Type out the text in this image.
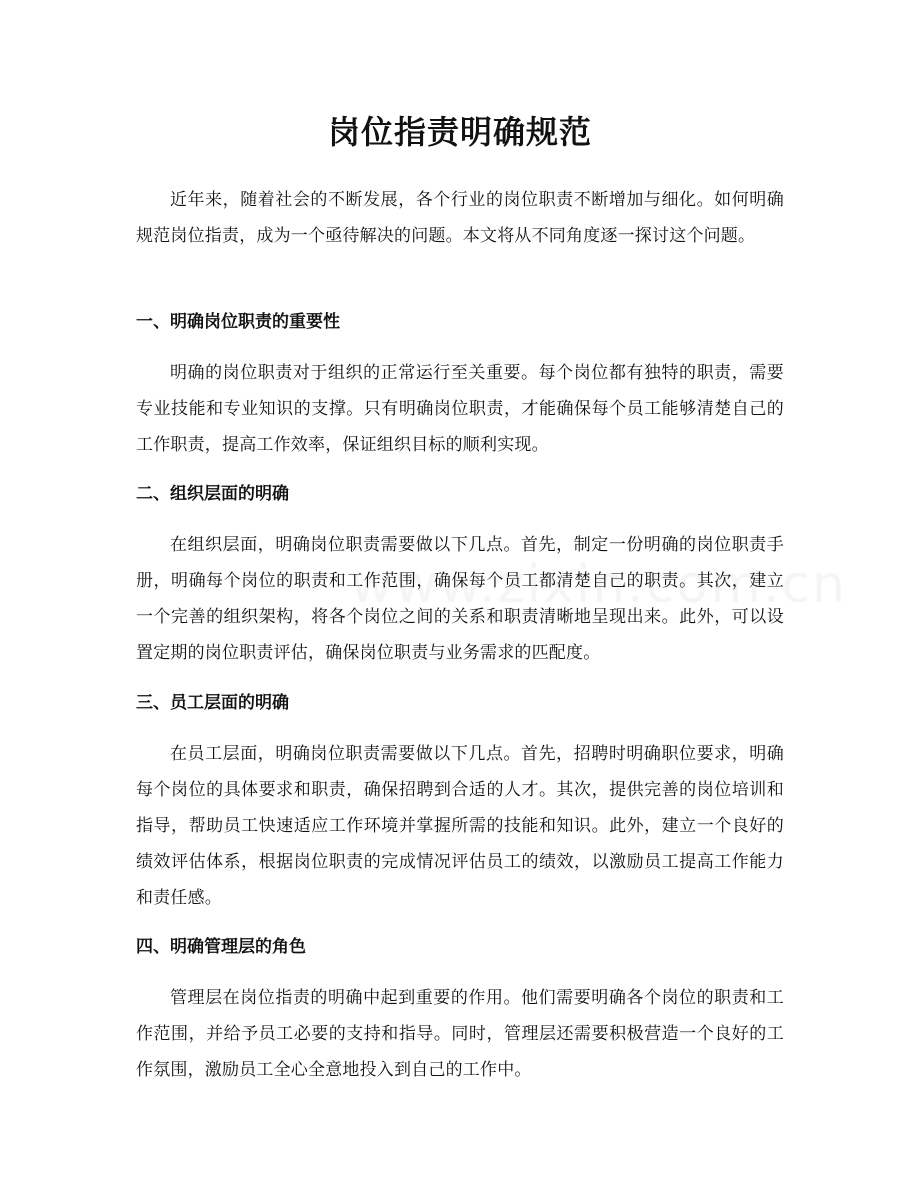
岗位指责明确规范

近年来，随着社会的不断发展，各个行业的岗位职责不断增加与细化。如何明确规范岗位指责，成为一个亟待解决的问题。本文将从不同角度逐一探讨这个问题。

一、明确岗位职责的重要性

明确的岗位职责对于组织的正常运行至关重要。每个岗位都有独特的职责，需要专业技能和专业知识的支撑。只有明确岗位职责，才能确保每个员工能够清楚自己的工作职责，提高工作效率，保证组织目标的顺利实现。

二、组织层面的明确

在组织层面，明确岗位职责需要做以下几点。首先，制定一份明确的岗位职责手册，明确每个岗位的职责和工作范围，确保每个员工都清楚自己的职责。其次，建立一个完善的组织架构，将各个岗位之间的关系和职责清晰地呈现出来。此外，可以设置定期的岗位职责评估，确保岗位职责与业务需求的匹配度。

三、员工层面的明确

在员工层面，明确岗位职责需要做以下几点。首先，招聘时明确职位要求，明确每个岗位的具体要求和职责，确保招聘到合适的人才。其次，提供完善的岗位培训和指导，帮助员工快速适应工作环境并掌握所需的技能和知识。此外，建立一个良好的绩效评估体系，根据岗位职责的完成情况评估员工的绩效，以激励员工提高工作能力和责任感。

四、明确管理层的角色

管理层在岗位指责的明确中起到重要的作用。他们需要明确各个岗位的职责和工作范围，并给予员工必要的支持和指导。同时，管理层还需要积极营造一个良好的工作氛围，激励员工全心全意地投入到自己的工作中。
